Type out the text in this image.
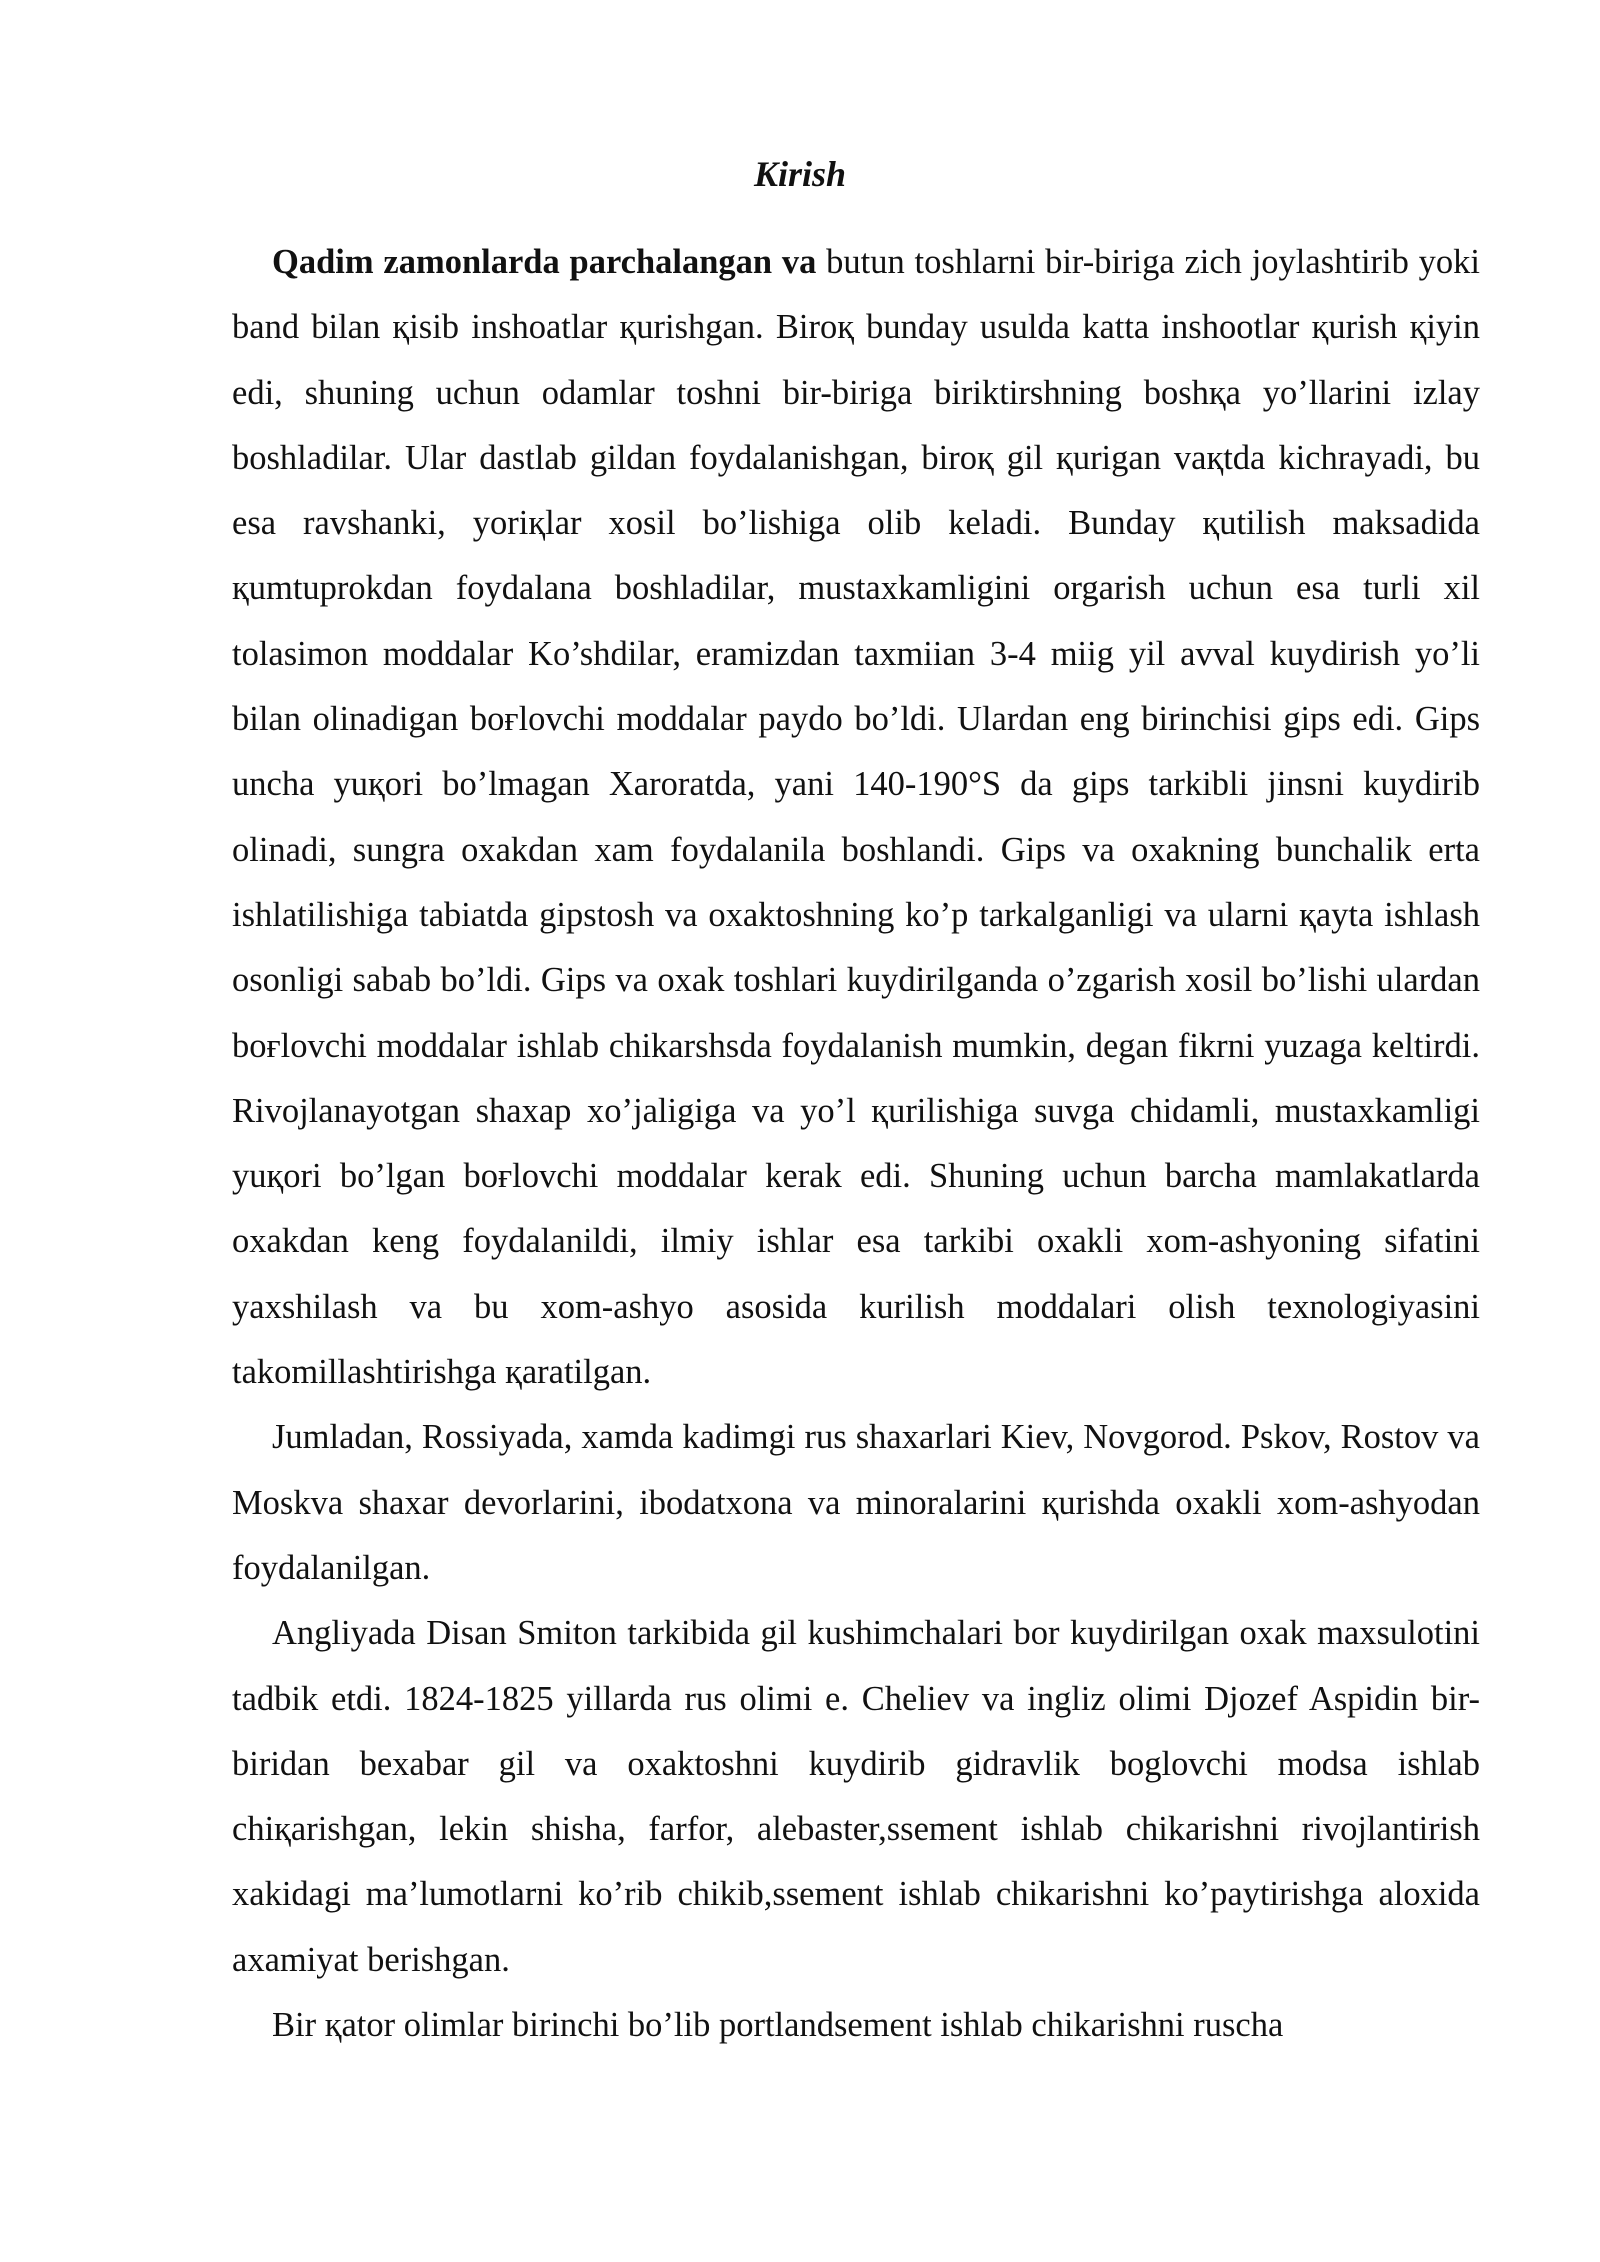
Kirish

Qadim zamonlarda parchalangan va butun toshlarni bir-biriga zich joylashtirib yoki band bilan қisib inshoatlar қurishgan. Biroқ bunday usulda katta inshootlar қurish қiyin edi, shuning uchun odamlar toshni bir-biriga biriktirshning boshқa yo’llarini izlay boshladilar. Ular dastlab gildan foydalanishgan, biroқ gil қurigan vaқtda kichrayadi, bu esa ravshanki, yoriқlar xosil bo’lishiga olib keladi. Bunday қutilish maksadida қumtuprokdan foydalana boshladilar, mustaxkamligini orgarish uchun esa turli xil tolasimon moddalar Ko’shdilar, eramizdan taxmiian 3-4 miig yil avval kuydirish yo’li bilan olinadigan boғlovchi moddalar paydo bo’ldi. Ulardan eng birinchisi gips edi. Gips uncha yuқori bo’lmagan Xaroratda, yani 140-190°S da gips tarkibli jinsni kuydirib olinadi, sungra oxakdan xam foydalanila boshlandi. Gips va oxakning bunchalik erta ishlatilishiga tabiatda gipstosh va oxaktoshning ko’p tarkalganligi va ularni қayta ishlash osonligi sabab bo’ldi. Gips va oxak toshlari kuydirilganda o’zgarish xosil bo’lishi ulardan boғlovchi moddalar ishlab chikarshsda foydalanish mumkin, degan fikrni yuzaga keltirdi. Rivojlanayotgan shaxap xo’jaligiga va yo’l қurilishiga suvga chidamli, mustaxkamligi yuқori bo’lgan boғlovchi moddalar kerak edi. Shuning uchun barcha mamlakatlarda oxakdan keng foydalanildi, ilmiy ishlar esa tarkibi oxakli xom-ashyoning sifatini yaxshilash va bu xom-ashyo asosida kurilish moddalari olish texnologiyasini takomillashtirishga қaratilgan.

Jumladan, Rossiyada, xamda kadimgi rus shaxarlari Kiev, Novgorod. Pskov, Rostov va Moskva shaxar devorlarini, ibodatxona va minoralarini қurishda oxakli xom-ashyodan foydalanilgan.

Angliyada Disan Smiton tarkibida gil kushimchalari bor kuydirilgan oxak maxsulotini tadbik etdi. 1824-1825 yillarda rus olimi e. Cheliev va ingliz olimi Djozef Aspidin bir- biridan bexabar gil va oxaktoshni kuydirib gidravlik boglovchi modsa ishlab chiқarishgan, lekin shisha, farfor, alebaster,ssement ishlab chikarishni rivojlantirish xakidagi ma’lumotlarni ko’rib chikib,ssement ishlab chikarishni ko’paytirishga aloxida axamiyat berishgan.

Bir қator olimlar birinchi bo’lib portlandsement ishlab chikarishni ruscha
